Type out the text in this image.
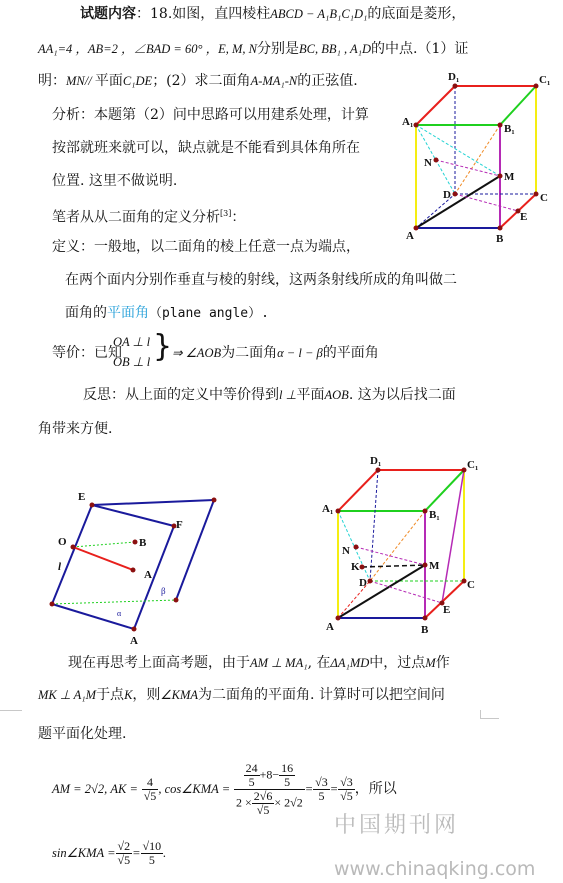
试题内容：18.如图，直四棱柱ABCD − A₁B₁C₁D₁的底面是菱形，
AA₁=4 ，AB=2 ，∠BAD = 60° ，E, M, N分别是BC, BB₁ , A₁D的中点.（1）证
明：MN// 平面C₁DE；(2）求二面角A-MA₁-N的正弦值.
分析：本题第（2）问中思路可以用建系处理，计算
按部就班来就可以，缺点就是不能看到具体角所在
位置. 这里不做说明.
笔者从从二面角的定义分析[3]：
定义：一般地，以二面角的棱上任意一点为端点，
在两个面内分别作垂直与棱的射线，这两条射线所成的角叫做二
面角的平面角（plane angle）.
等价：已知
OA ⊥ l
OB ⊥ l } ⇒ ∠AOB为二面角α − l − β的平面角
反思：从上面的定义中等价得到l ⊥平面AOB. 这为以后找二面
角带来方便.
D₁	C₁
A₁
B₁
N
M
D	C
E
A	B
E
F
O	B
l
A
β
α
A
D₁	C₁
A₁	B₁
N
K	M
D	C
E
A	B
现在再思考上面高考题，由于AM ⊥ MA₁, 在ΔA₁MD中，过点M作
MK ⊥ A₁M于点K，则∠KMA为二面角的平面角. 计算时可以把空间问
题平面化处理.
AM = 2√2, AK = $\frac{4}{√5}$ , cos∠KMA = $\frac{\frac{24}{5} +8- \frac{16}{5}}{2 \times \frac{2√6}{√5} \times 2√2} = \frac{√3}{5} = \frac{√3}{√5}$ ，所以
sin∠KMA = $\frac{√2}{√5} = \frac{√10}{5}$ .
中国期刊网
www.chinaqking.com
